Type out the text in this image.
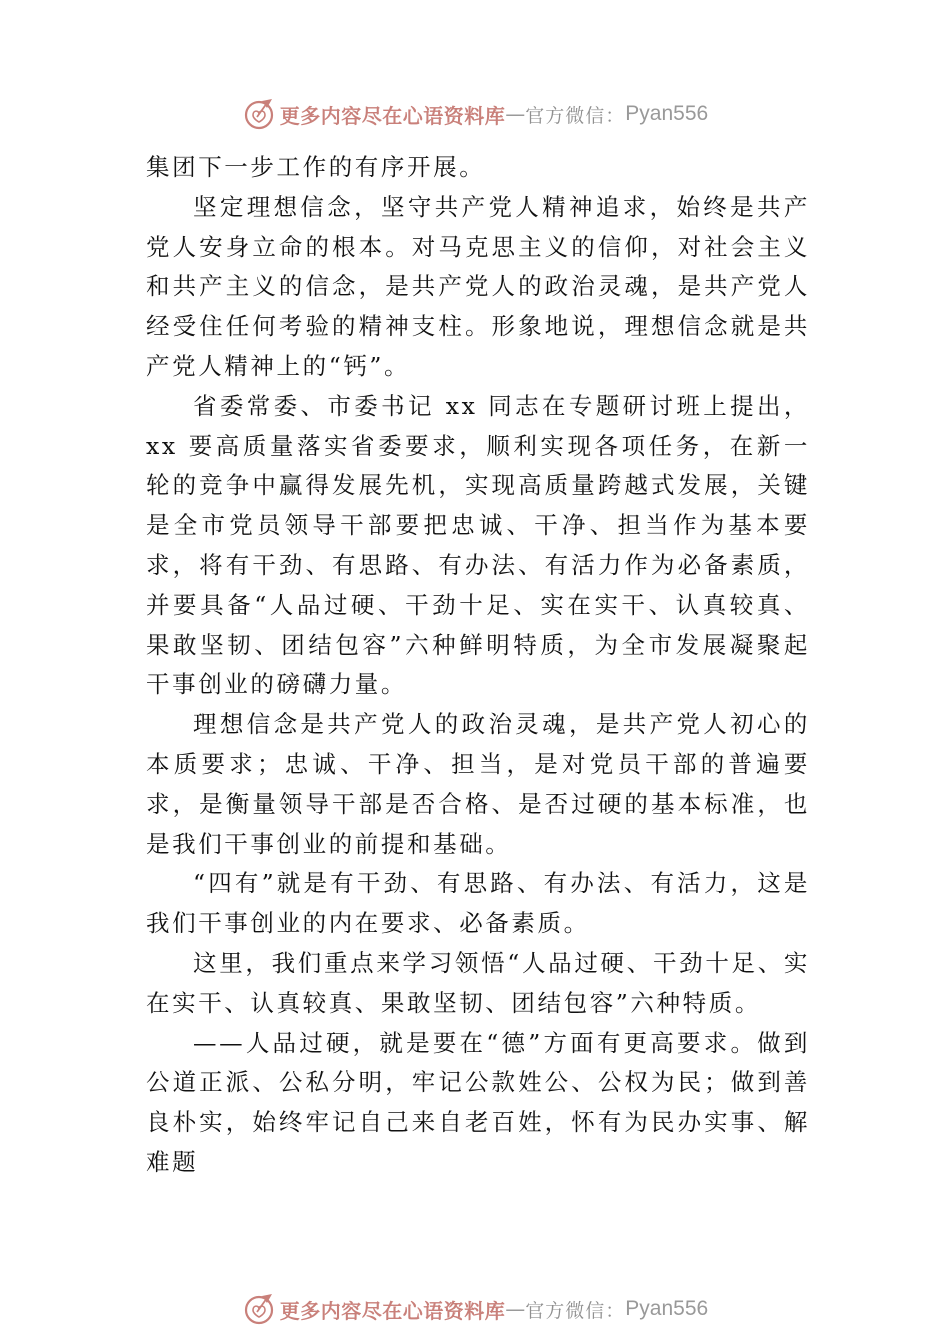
更多内容尽在心语资料库 — 官方微信： Pyan556

集团下一步工作的有序开展。

坚定理想信念，坚守共产党人精神追求，始终是共产党人安身立命的根本。对马克思主义的信仰，对社会主义和共产主义的信念，是共产党人的政治灵魂，是共产党人经受住任何考验的精神支柱。形象地说，理想信念就是共产党人精神上的“钙”。

省委常委、市委书记 xx 同志在专题研讨班上提出，xx 要高质量落实省委要求，顺利实现各项任务，在新一轮的竞争中赢得发展先机，实现高质量跨越式发展，关键是全市党员领导干部要把忠诚、干净、担当作为基本要求，将有干劲、有思路、有办法、有活力作为必备素质，并要具备“人品过硬、干劲十足、实在实干、认真较真、果敢坚韧、团结包容”六种鲜明特质，为全市发展凝聚起干事创业的磅礴力量。

理想信念是共产党人的政治灵魂，是共产党人初心的本质要求；忠诚、干净、担当，是对党员干部的普遍要求，是衡量领导干部是否合格、是否过硬的基本标准，也是我们干事创业的前提和基础。

“四有”就是有干劲、有思路、有办法、有活力，这是我们干事创业的内在要求、必备素质。

这里，我们重点来学习领悟“人品过硬、干劲十足、实在实干、认真较真、果敢坚韧、团结包容”六种特质。

——人品过硬，就是要在“德”方面有更高要求。做到公道正派、公私分明，牢记公款姓公、公权为民；做到善良朴实，始终牢记自己来自老百姓，怀有为民办实事、解难题

更多内容尽在心语资料库 — 官方微信： Pyan556
